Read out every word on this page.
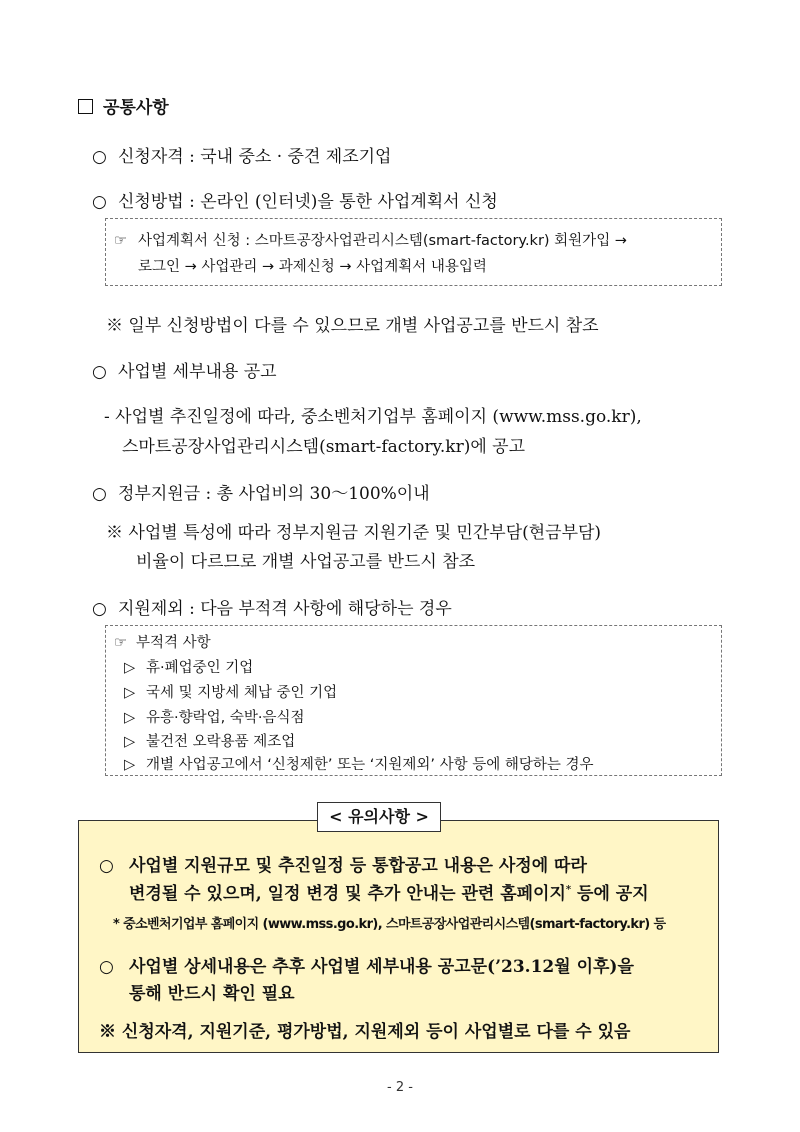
공통사항
○ 신청자격 : 국내 중소 · 중견 제조기업
○ 신청방법 : 온라인 (인터넷)을 통한 사업계획서 신청
☞ 사업계획서 신청 : 스마트공장사업관리시스템(smart-factory.kr) 회원가입 →
로그인 → 사업관리 → 과제신청 → 사업계획서 내용입력
※ 일부 신청방법이 다를 수 있으므로 개별 사업공고를 반드시 참조
○ 사업별 세부내용 공고
- 사업별 추진일정에 따라, 중소벤처기업부 홈페이지 (www.mss.go.kr),
스마트공장사업관리시스템(smart-factory.kr)에 공고
○ 정부지원금 : 총 사업비의 30～100%이내
※ 사업별 특성에 따라 정부지원금 지원기준 및 민간부담(현금부담)
비율이 다르므로 개별 사업공고를 반드시 참조
○ 지원제외 : 다음 부적격 사항에 해당하는 경우
☞ 부적격 사항
▷ 휴·폐업중인 기업
▷ 국세 및 지방세 체납 중인 기업
▷ 유흥·향락업, 숙박·음식점
▷ 불건전 오락용품 제조업
▷ 개별 사업공고에서 ‘신청제한’ 또는 ‘지원제외’ 사항 등에 해당하는 경우
○ 사업별 지원규모 및 추진일정 등 통합공고 내용은 사정에 따라
변경될 수 있으며, 일정 변경 및 추가 안내는 관련 홈페이지* 등에 공지
* 중소벤처기업부 홈페이지 (www.mss.go.kr), 스마트공장사업관리시스템(smart-factory.kr) 등
○ 사업별 상세내용은 추후 사업별 세부내용 공고문(’23.12월 이후)을
통해 반드시 확인 필요
※ 신청자격, 지원기준, 평가방법, 지원제외 등이 사업별로 다를 수 있음
< 유의사항 >
- 2 -
